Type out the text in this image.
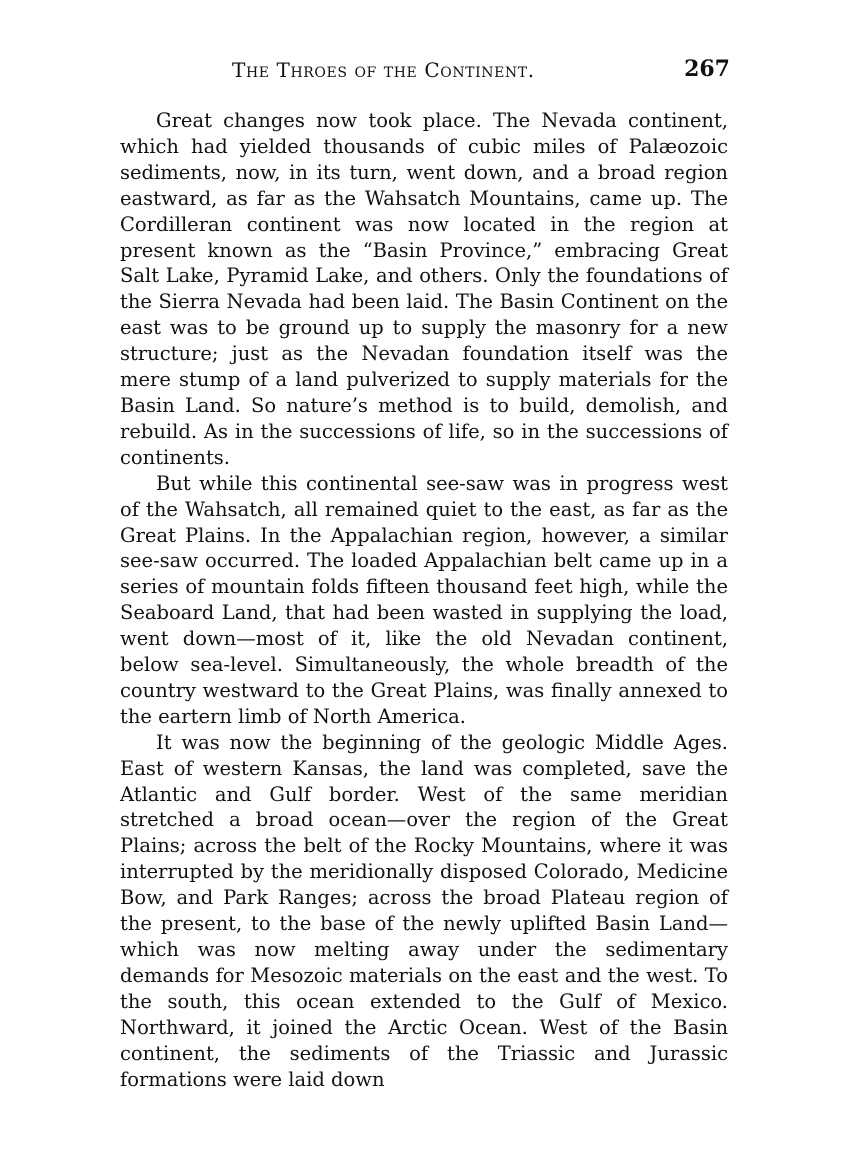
The Throes of the Continent.	267

Great changes now took place. The Nevada continent, which had yielded thousands of cubic miles of Palæozoic sediments, now, in its turn, went down, and a broad region eastward, as far as the Wahsatch Mountains, came up. The Cordilleran continent was now located in the region at present known as the “Basin Province,” embracing Great Salt Lake, Pyramid Lake, and others. Only the foundations of the Sierra Nevada had been laid. The Basin Continent on the east was to be ground up to supply the masonry for a new structure; just as the Nevadan foundation itself was the mere stump of a land pulverized to supply materials for the Basin Land. So nature’s method is to build, demolish, and rebuild. As in the successions of life, so in the successions of continents.

But while this continental see-saw was in progress west of the Wahsatch, all remained quiet to the east, as far as the Great Plains. In the Appalachian region, however, a similar see-saw occurred. The loaded Appalachian belt came up in a series of mountain folds fifteen thousand feet high, while the Seaboard Land, that had been wasted in supplying the load, went down—most of it, like the old Nevadan continent, below sea-level. Simultaneously, the whole breadth of the country westward to the Great Plains, was finally annexed to the eartern limb of North America.

It was now the beginning of the geologic Middle Ages. East of western Kansas, the land was completed, save the Atlantic and Gulf border. West of the same meridian stretched a broad ocean—over the region of the Great Plains; across the belt of the Rocky Mountains, where it was interrupted by the meridionally disposed Colorado, Medicine Bow, and Park Ranges; across the broad Plateau region of the present, to the base of the newly uplifted Basin Land—which was now melting away under the sedimentary demands for Mesozoic materials on the east and the west. To the south, this ocean extended to the Gulf of Mexico. Northward, it joined the Arctic Ocean. West of the Basin continent, the sediments of the Triassic and Jurassic formations were laid down
